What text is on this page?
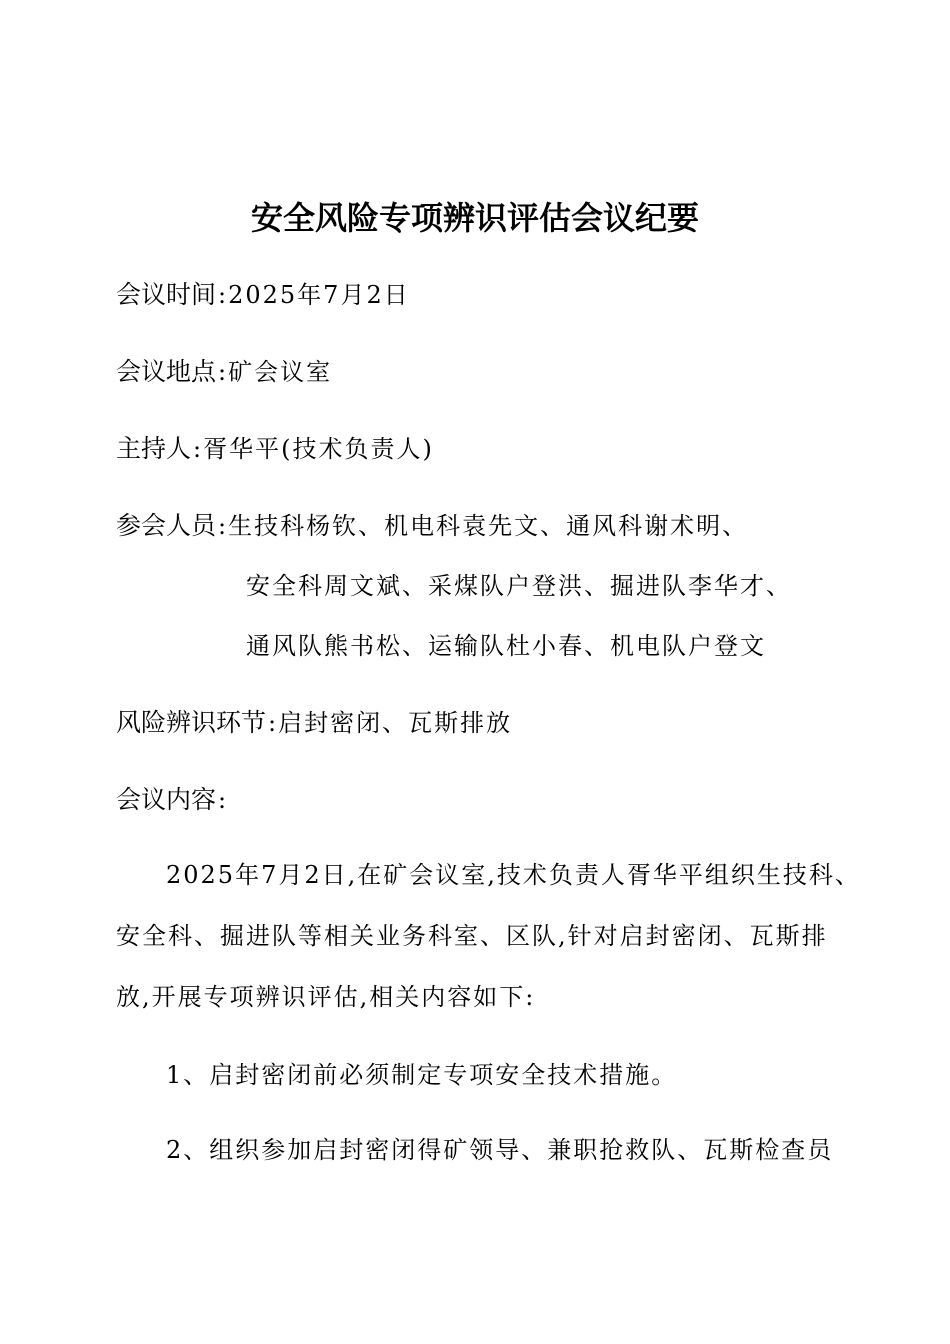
安全风险专项辨识评估会议纪要
会议时间:2025年7月2日
会议地点:矿会议室
主持人:胥华平(技术负责人)
参会人员:生技科杨钦、机电科袁先文、通风科谢术明、
安全科周文斌、采煤队户登洪、掘进队李华才、
通风队熊书松、运输队杜小春、机电队户登文
风险辨识环节:启封密闭、瓦斯排放
会议内容:
2025年7月2日,在矿会议室,技术负责人胥华平组织生技科、
安全科、掘进队等相关业务科室、区队,针对启封密闭、瓦斯排
放,开展专项辨识评估,相关内容如下:
1、启封密闭前必须制定专项安全技术措施。
2、组织参加启封密闭得矿领导、兼职抢救队、瓦斯检查员
